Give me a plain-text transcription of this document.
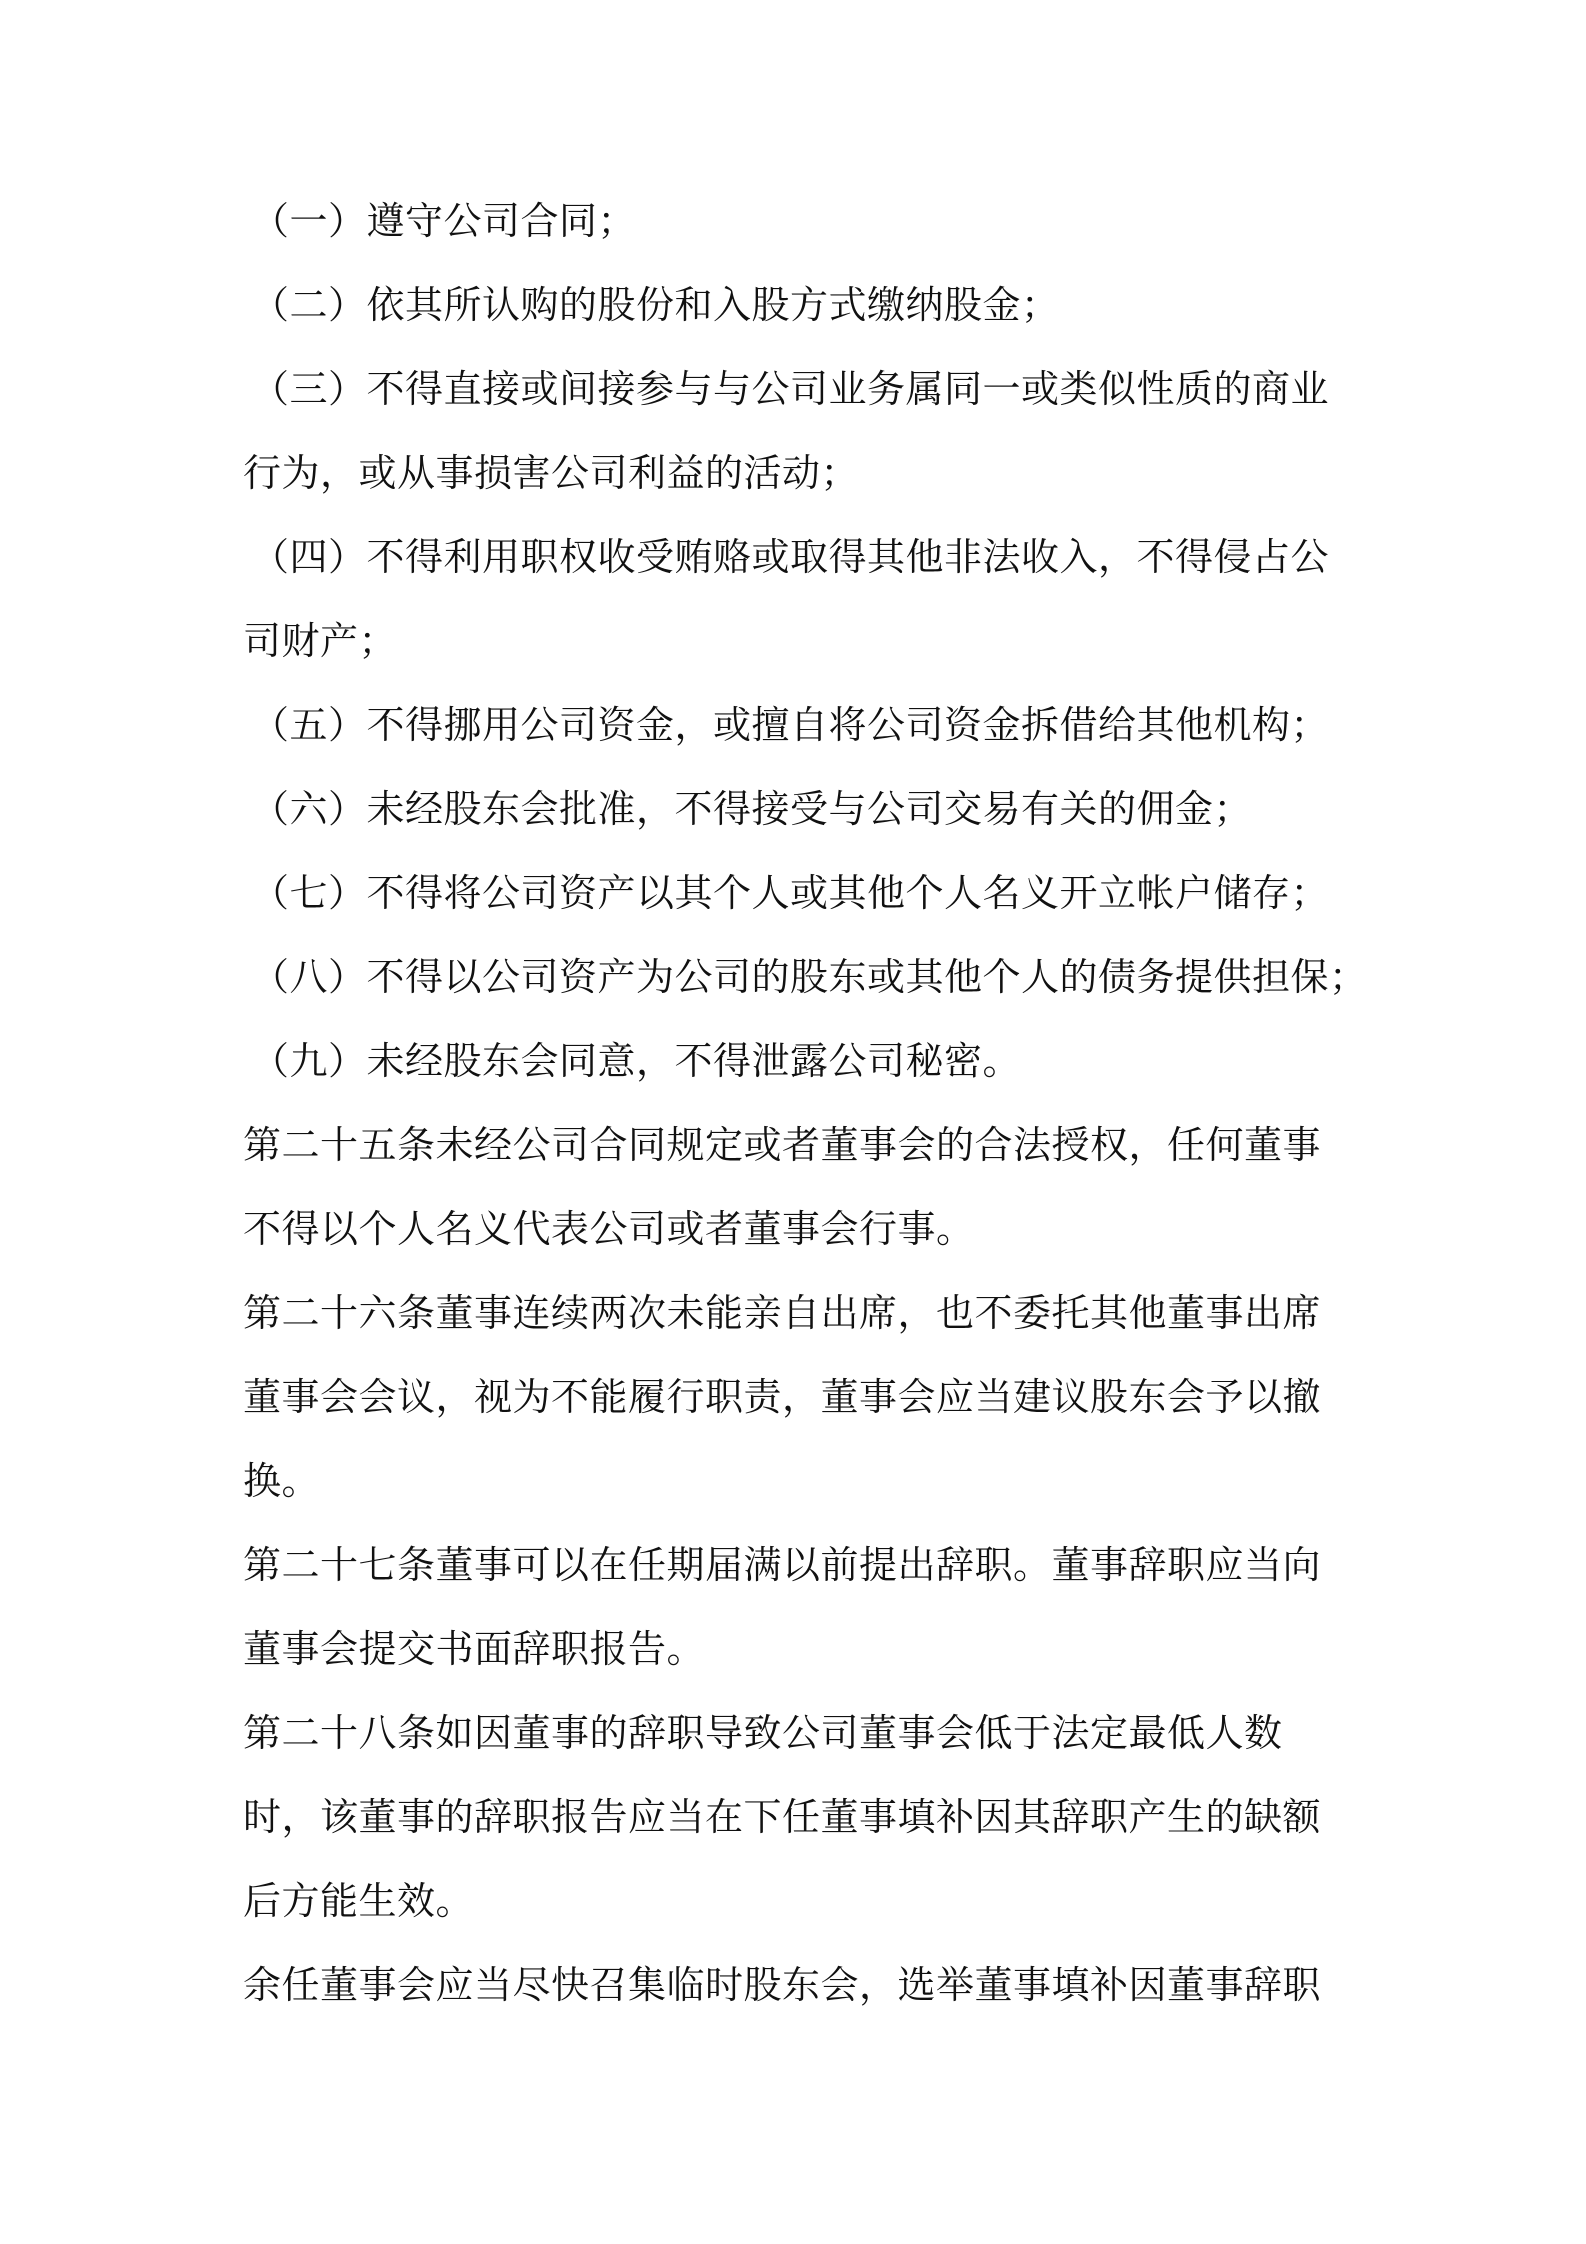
（一）遵守公司合同；
（二）依其所认购的股份和入股方式缴纳股金；
（三）不得直接或间接参与与公司业务属同一或类似性质的商业
行为，或从事损害公司利益的活动；
（四）不得利用职权收受贿赂或取得其他非法收入，不得侵占公
司财产；
（五）不得挪用公司资金，或擅自将公司资金拆借给其他机构；
（六）未经股东会批准，不得接受与公司交易有关的佣金；
（七）不得将公司资产以其个人或其他个人名义开立帐户储存；
（八）不得以公司资产为公司的股东或其他个人的债务提供担保；
（九）未经股东会同意，不得泄露公司秘密。
第二十五条未经公司合同规定或者董事会的合法授权，任何董事
不得以个人名义代表公司或者董事会行事。
第二十六条董事连续两次未能亲自出席，也不委托其他董事出席
董事会会议，视为不能履行职责，董事会应当建议股东会予以撤
换。
第二十七条董事可以在任期届满以前提出辞职。董事辞职应当向
董事会提交书面辞职报告。
第二十八条如因董事的辞职导致公司董事会低于法定最低人数
时，该董事的辞职报告应当在下任董事填补因其辞职产生的缺额
后方能生效。
余任董事会应当尽快召集临时股东会，选举董事填补因董事辞职
